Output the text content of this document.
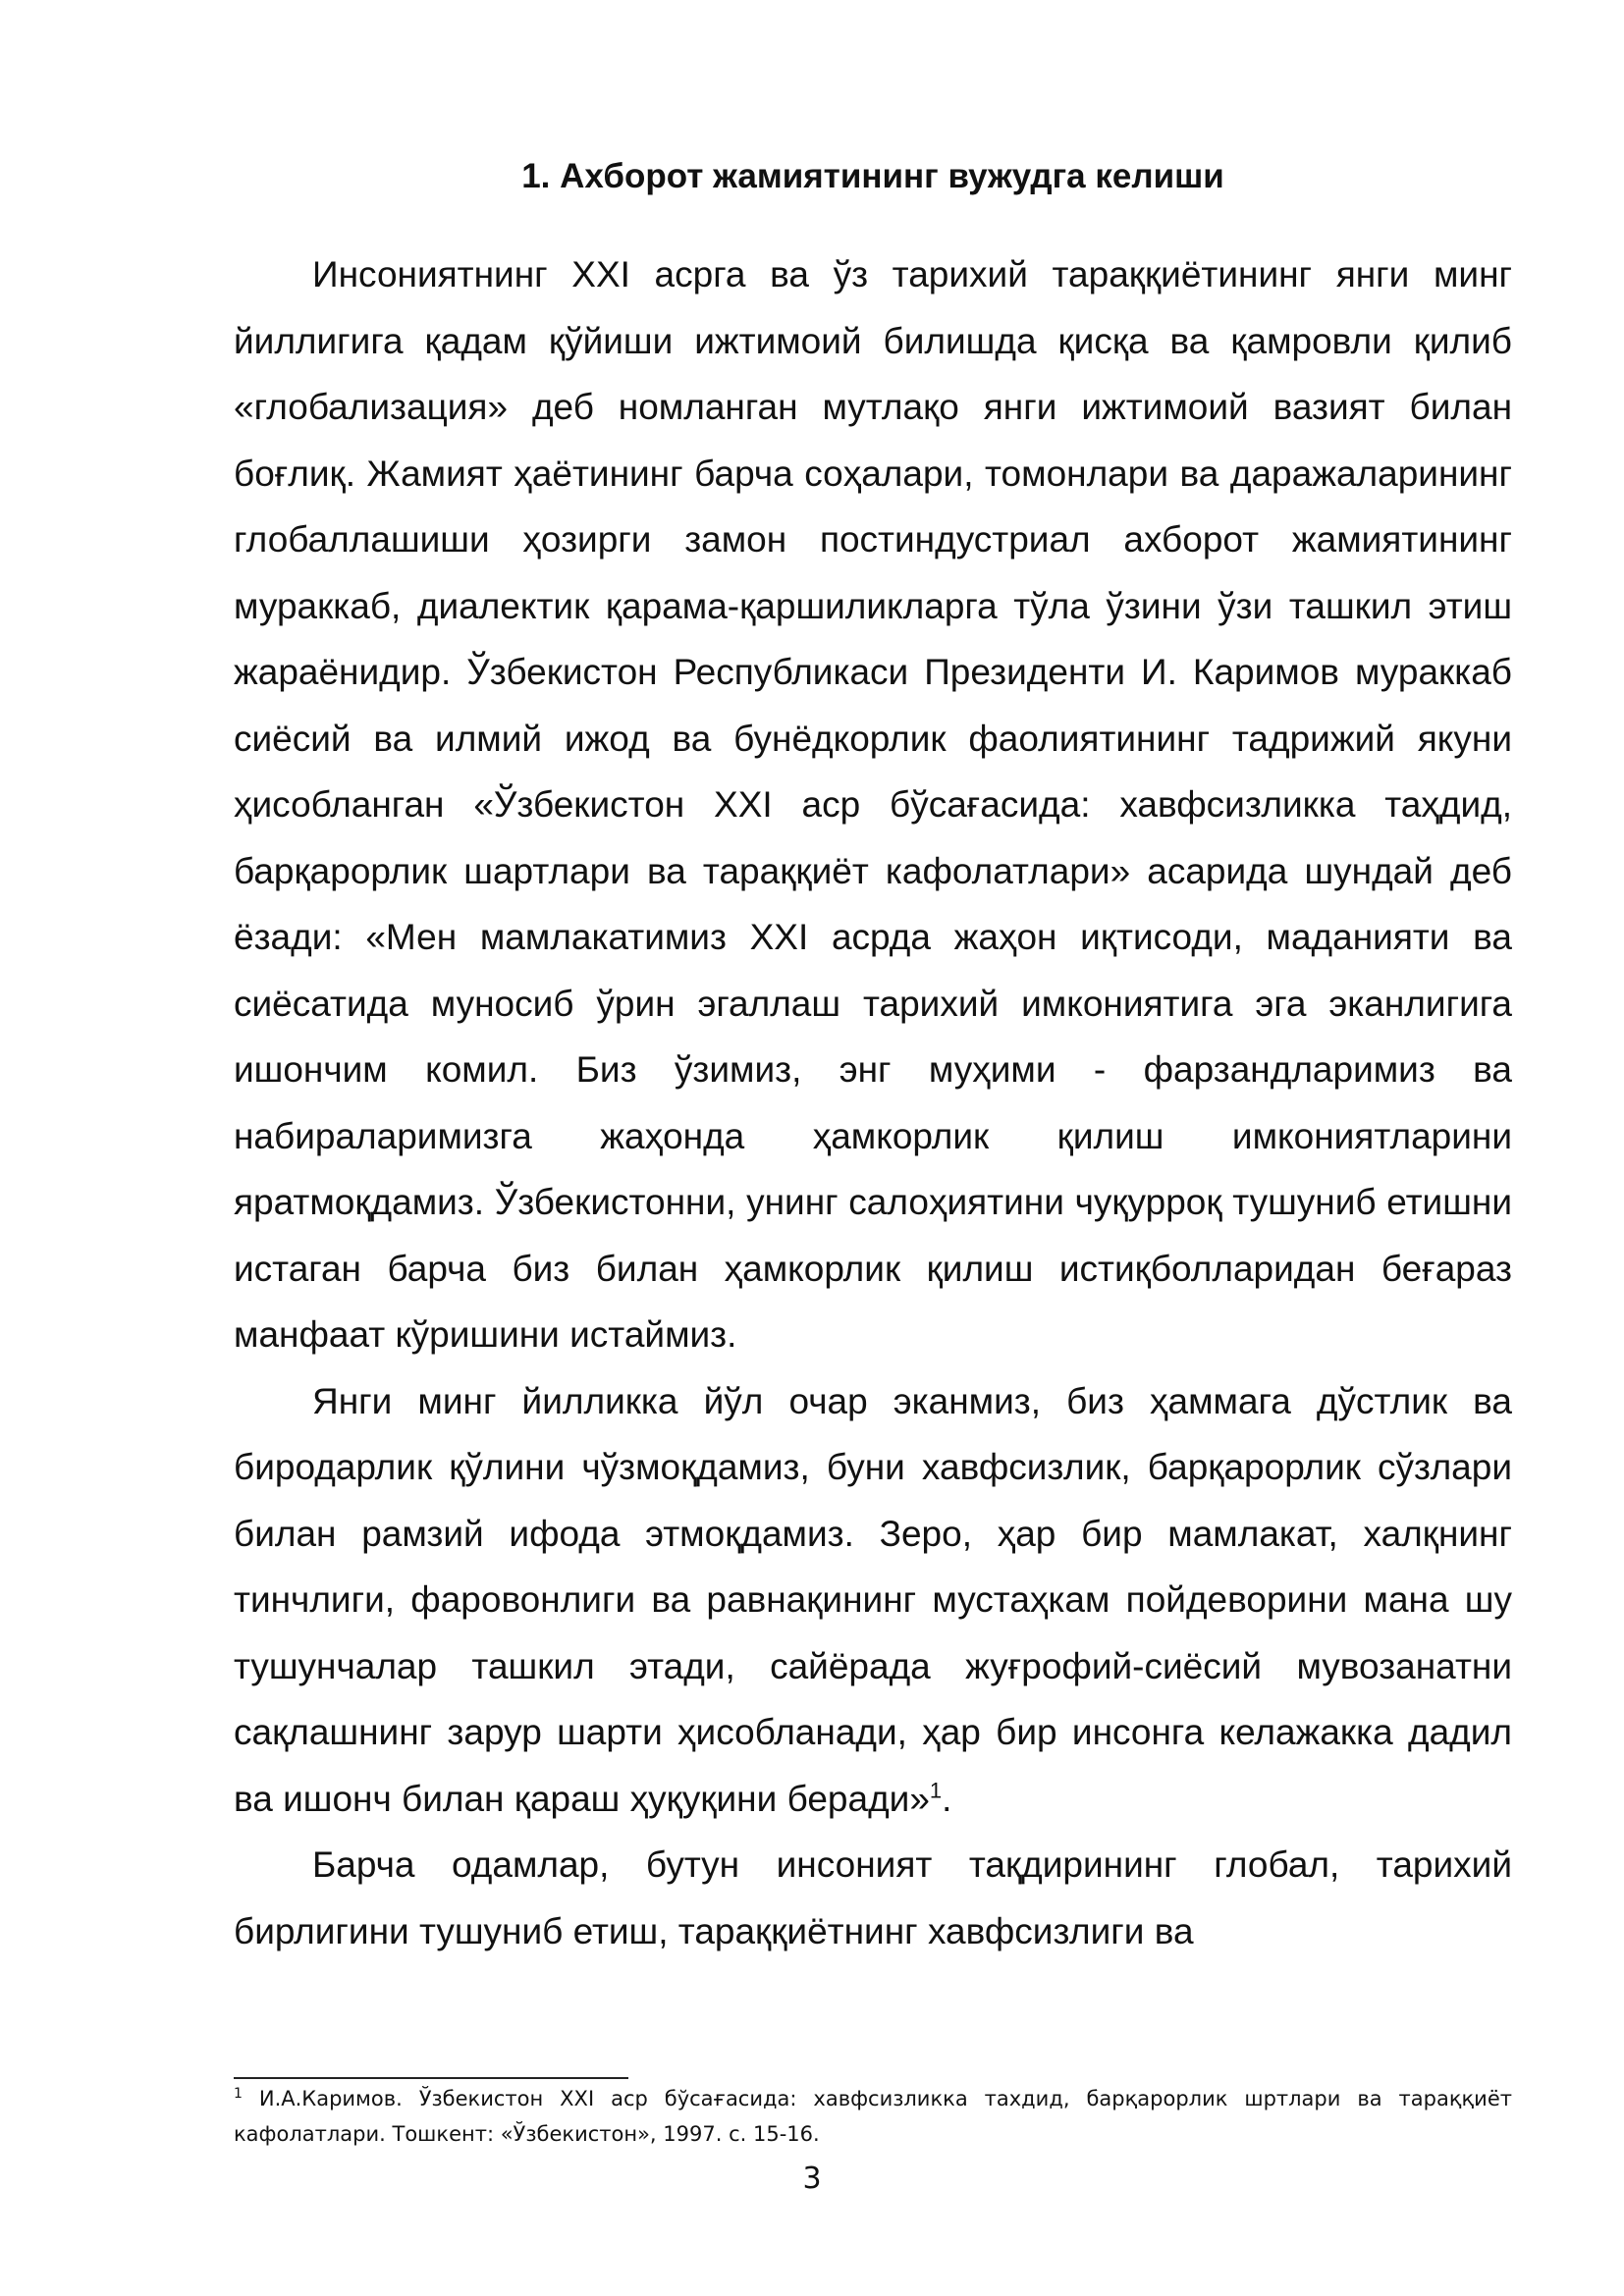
1. Ахборот жамиятининг вужудга келиши

Инсониятнинг XXI асрга ва ўз тарихий тараққиётининг янги минг йиллигига қадам қўйиши ижтимоий билишда қисқа ва қамровли қилиб «глобализация» деб номланган мутлақо янги ижтимоий вазият билан боғлиқ. Жамият ҳаётининг барча соҳалари, томонлари ва даражаларининг глобаллашиши ҳозирги замон постиндустриал ахборот жамиятининг мураккаб, диалектик қарама-қаршиликларга тўла ўзини ўзи ташкил этиш жараёнидир. Ўзбекистон Республикаси Президенти И. Каримов мураккаб сиёсий ва илмий ижод ва бунёдкорлик фаолиятининг тадрижий якуни ҳисобланган «Ўзбекистон XXI аср бўсағасида: хавфсизликка таҳдид, барқарорлик шартлари ва тараққиёт кафолатлари» асарида шундай деб ёзади: «Мен мамлакатимиз XXI асрда жаҳон иқтисоди, маданияти ва сиёсатида муносиб ўрин эгаллаш тарихий имкониятига эга эканлигига ишончим комил. Биз ўзимиз, энг муҳими - фарзандларимиз ва набираларимизга жаҳонда ҳамкорлик қилиш имкониятларини яратмоқдамиз. Ўзбекистонни, унинг салоҳиятини чуқурроқ тушуниб етишни истаган барча биз билан ҳамкорлик қилиш истиқболларидан беғараз манфаат кўришини истаймиз.

Янги минг йилликка йўл очар эканмиз, биз ҳаммага дўстлик ва биродарлик қўлини чўзмоқдамиз, буни хавфсизлик, барқарорлик сўзлари билан рамзий ифода этмоқдамиз. Зеро, ҳар бир мамлакат, халқнинг тинчлиги, фаровонлиги ва равнақининг мустаҳкам пойдеворини мана шу тушунчалар ташкил этади, сайёрада жуғрофий-сиёсий мувозанатни сақлашнинг зарур шарти ҳисобланади, ҳар бир инсонга келажакка дадил ва ишонч билан қараш ҳуқуқини беради»$^1$.

Барча одамлар, бутун инсоният тақдирининг глобал, тарихий бирлигини тушуниб етиш, тараққиётнинг хавфсизлиги ва

$^1$ И.А.Каримов. Ўзбекистон XXI аср бўсағасида: хавфсизликка тахдид, барқарорлик шртлари ва тараққиёт кафолатлари. Тошкент: «Ўзбекистон», 1997. с. 15-16.

3
